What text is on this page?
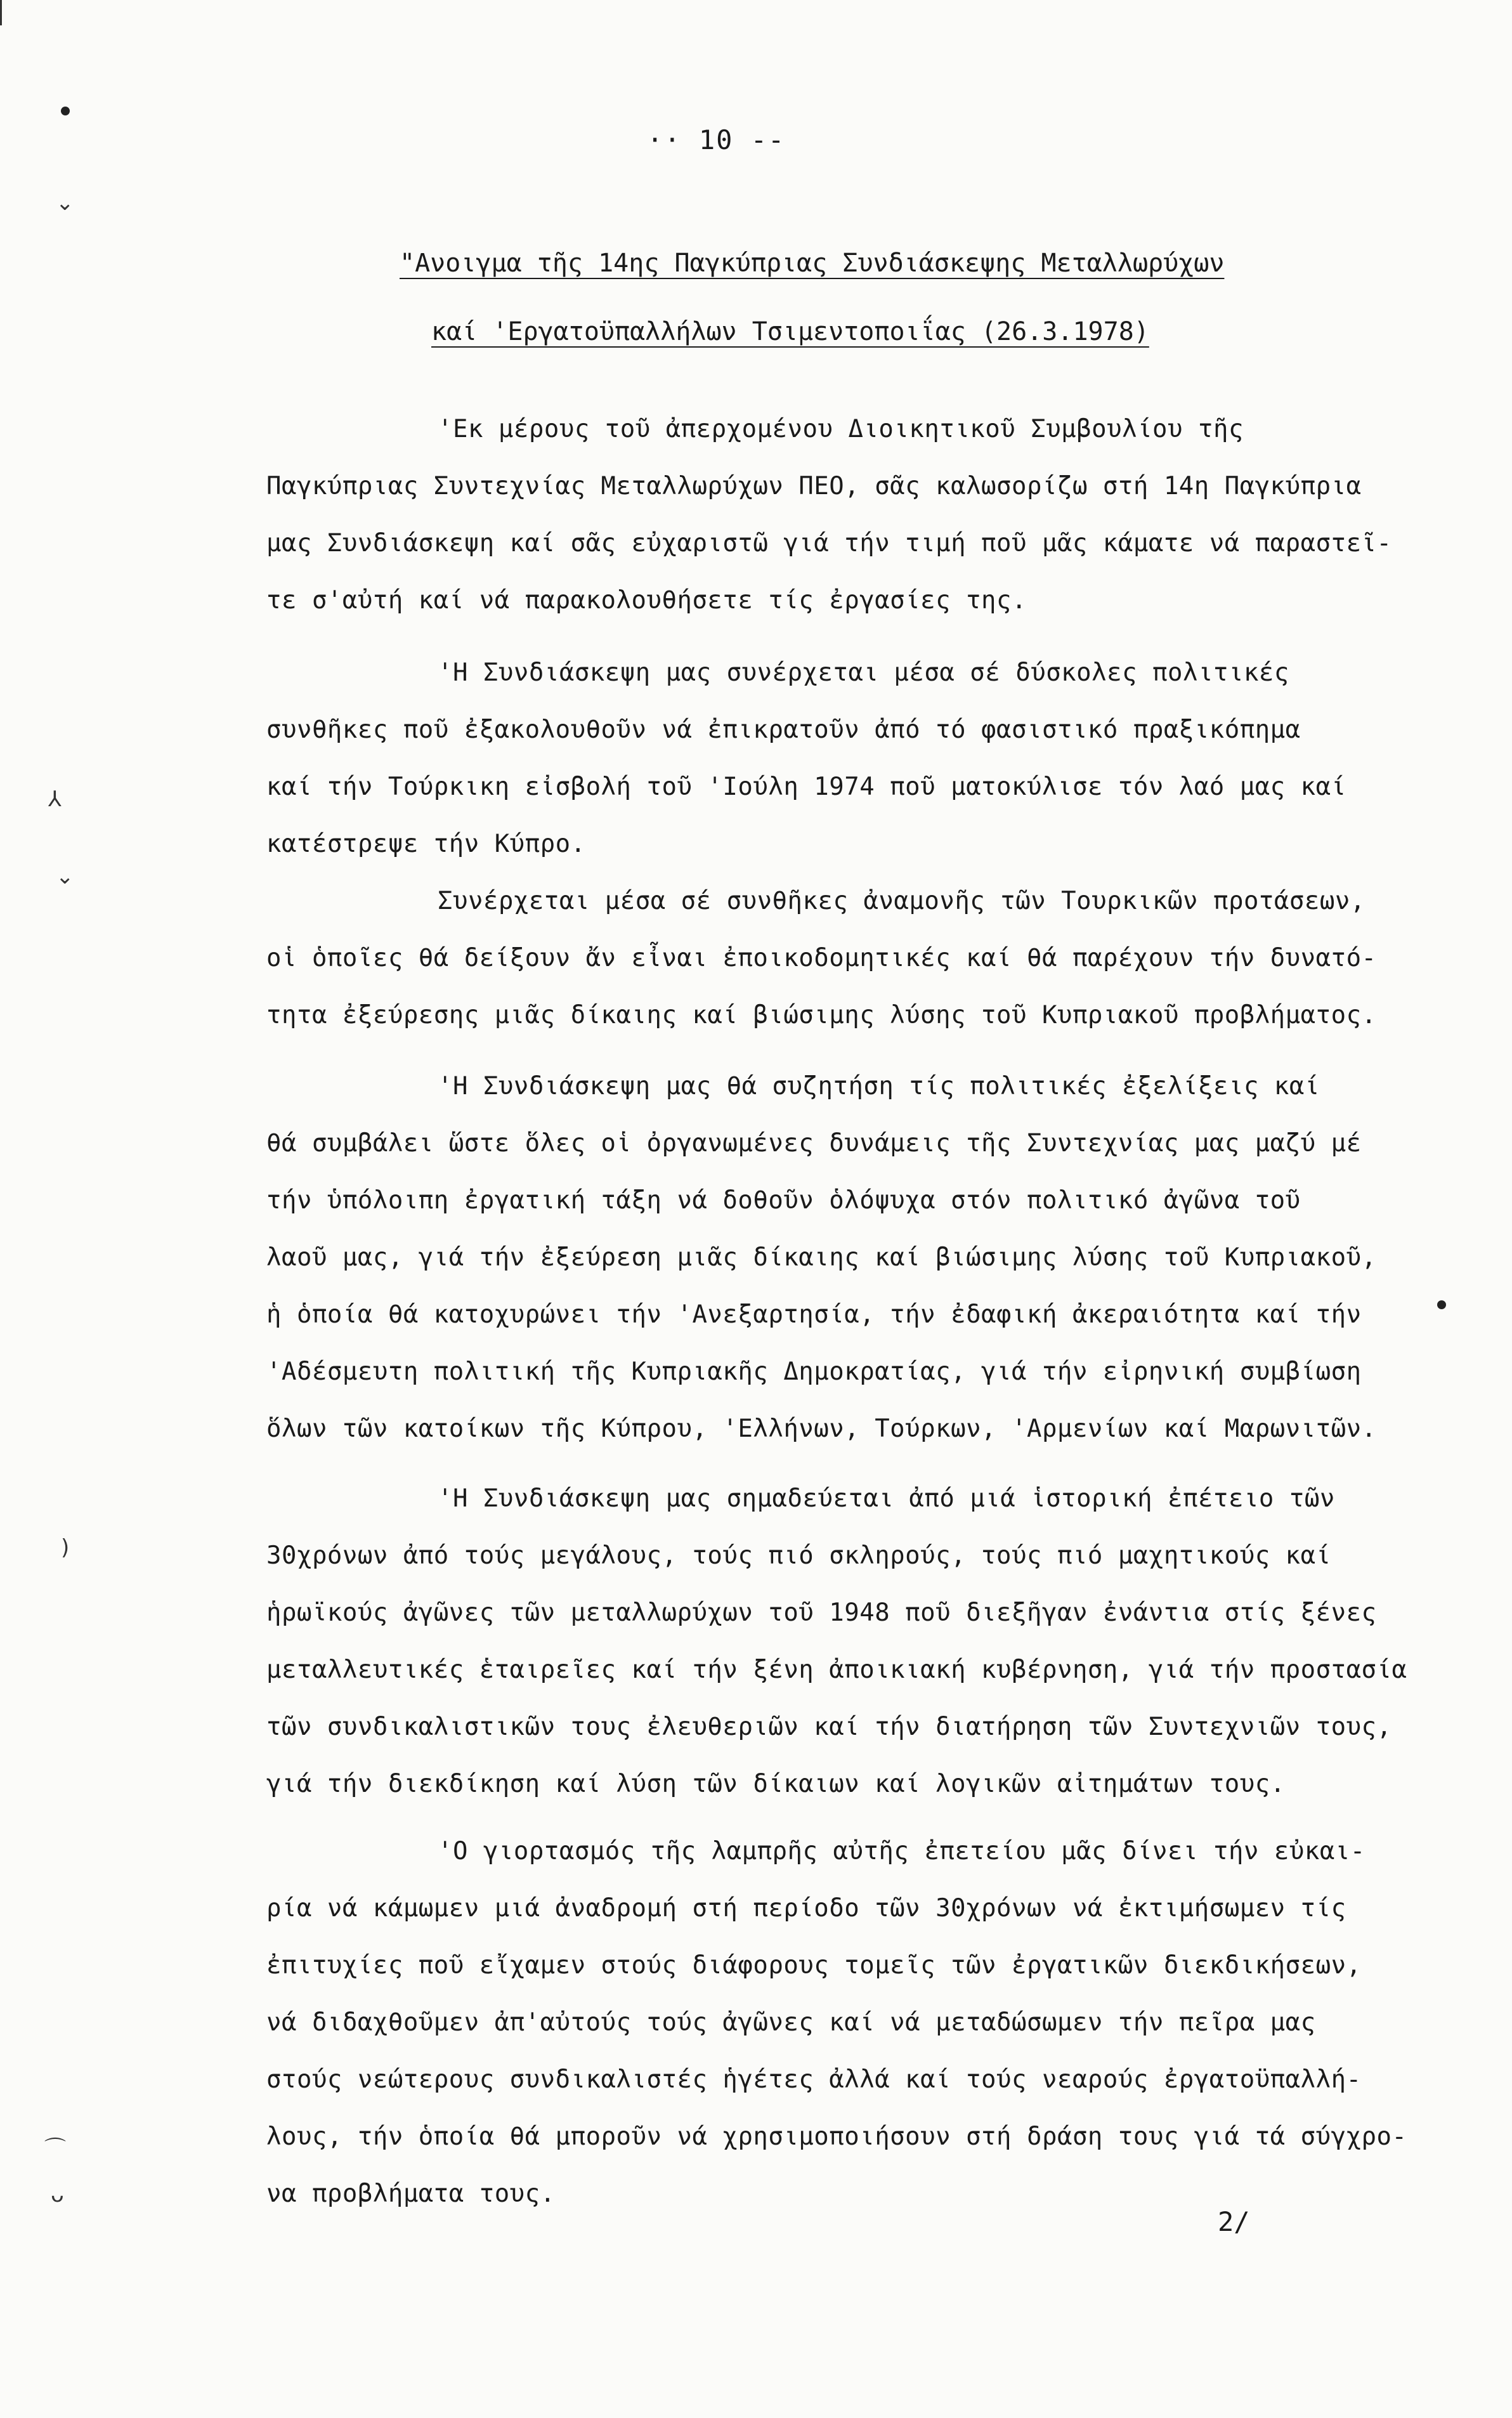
·· 10 --
"Ανοιγμα τῆς 14ης Παγκύπριας Συνδιάσκεψης Μεταλλωρύχων
καί 'Εργατοϋπαλλήλων Τσιμεντοποιΐας (26.3.1978)
'Εκ μέρους τοῦ ἀπερχομένου Διοικητικοῦ Συμβουλίου τῆς
Παγκύπριας Συντεχνίας Μεταλλωρύχων ΠΕΟ, σᾶς καλωσορίζω στή 14η Παγκύπρια
μας Συνδιάσκεψη καί σᾶς εὐχαριστῶ γιά τήν τιμή ποῦ μᾶς κάματε νά παραστεῖ-
τε σ'αὐτή καί νά παρακολουθήσετε τίς ἐργασίες της.
'Η Συνδιάσκεψη μας συνέρχεται μέσα σέ δύσκολες πολιτικές
συνθῆκες ποῦ ἐξακολουθοῦν νά ἐπικρατοῦν ἀπό τό φασιστικό πραξικόπημα
καί τήν Τούρκικη εἰσβολή τοῦ 'Ιούλη 1974 ποῦ ματοκύλισε τόν λαό μας καί
κατέστρεψε τήν Κύπρο.
Συνέρχεται μέσα σέ συνθῆκες ἀναμονῆς τῶν Τουρκικῶν προτάσεων,
οἱ ὁποῖες θά δείξουν ἄν εἶναι ἐποικοδομητικές καί θά παρέχουν τήν δυνατό-
τητα ἐξεύρεσης μιᾶς δίκαιης καί βιώσιμης λύσης τοῦ Κυπριακοῦ προβλήματος.
'Η Συνδιάσκεψη μας θά συζητήση τίς πολιτικές ἐξελίξεις καί
θά συμβάλει ὥστε ὅλες οἱ ὀργανωμένες δυνάμεις τῆς Συντεχνίας μας μαζύ μέ
τήν ὑπόλοιπη ἐργατική τάξη νά δοθοῦν ὁλόψυχα στόν πολιτικό ἀγῶνα τοῦ
λαοῦ μας, γιά τήν ἐξεύρεση μιᾶς δίκαιης καί βιώσιμης λύσης τοῦ Κυπριακοῦ,
ἡ ὁποία θά κατοχυρώνει τήν 'Ανεξαρτησία, τήν ἐδαφική ἀκεραιότητα καί τήν
'Αδέσμευτη πολιτική τῆς Κυπριακῆς Δημοκρατίας, γιά τήν εἰρηνική συμβίωση
ὅλων τῶν κατοίκων τῆς Κύπρου, 'Ελλήνων, Τούρκων, 'Αρμενίων καί Μαρωνιτῶν.
'Η Συνδιάσκεψη μας σημαδεύεται ἀπό μιά ἱστορική ἐπέτειο τῶν
30χρόνων ἀπό τούς μεγάλους, τούς πιό σκληρούς, τούς πιό μαχητικούς καί
ἡρωϊκούς ἀγῶνες τῶν μεταλλωρύχων τοῦ 1948 ποῦ διεξῆγαν ἐνάντια στίς ξένες
μεταλλευτικές ἑταιρεῖες καί τήν ξένη ἀποικιακή κυβέρνηση, γιά τήν προστασία
τῶν συνδικαλιστικῶν τους ἐλευθεριῶν καί τήν διατήρηση τῶν Συντεχνιῶν τους,
γιά τήν διεκδίκηση καί λύση τῶν δίκαιων καί λογικῶν αἰτημάτων τους.
'Ο γιορτασμός τῆς λαμπρῆς αὐτῆς ἐπετείου μᾶς δίνει τήν εὐκαι-
ρία νά κάμωμεν μιά ἀναδρομή στή περίοδο τῶν 30χρόνων νά ἐκτιμήσωμεν τίς
ἐπιτυχίες ποῦ εἴχαμεν στούς διάφορους τομεῖς τῶν ἐργατικῶν διεκδικήσεων,
νά διδαχθοῦμεν ἀπ'αὐτούς τούς ἀγῶνες καί νά μεταδώσωμεν τήν πεῖρα μας
στούς νεώτερους συνδικαλιστές ἡγέτες ἀλλά καί τούς νεαρούς ἐργατοϋπαλλή-
λους, τήν ὁποία θά μποροῦν νά χρησιμοποιήσουν στή δράση τους γιά τά σύγχρο-
να προβλήματα τους.
2/
⌄
⅄
⌄
)
⌒
ᴗ
